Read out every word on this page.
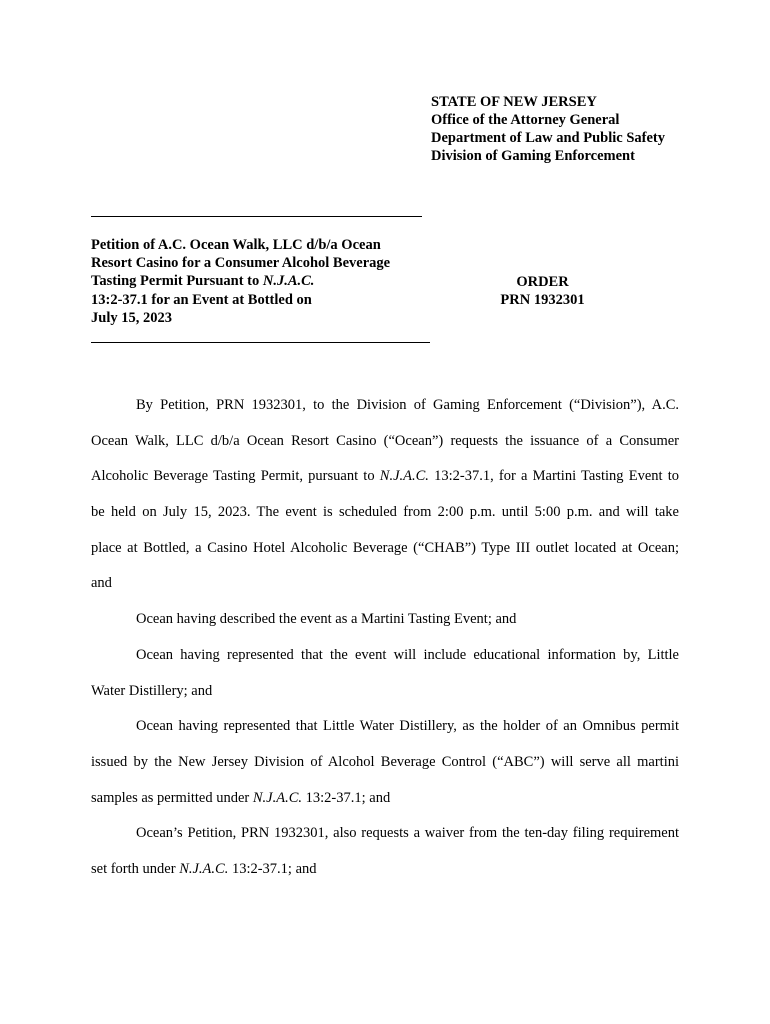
STATE OF NEW JERSEY
Office of the Attorney General
Department of Law and Public Safety
Division of Gaming Enforcement
Petition of A.C. Ocean Walk, LLC d/b/a Ocean
Resort Casino for a Consumer Alcohol Beverage
Tasting Permit Pursuant to N.J.A.C.
13:2-37.1 for an Event at Bottled on
July 15, 2023
ORDER
PRN 1932301
By Petition, PRN 1932301, to the Division of Gaming Enforcement (“Division”), A.C.
Ocean Walk, LLC d/b/a Ocean Resort Casino (“Ocean”) requests the issuance of a Consumer
Alcoholic Beverage Tasting Permit, pursuant to N.J.A.C. 13:2-37.1, for a Martini Tasting Event to
be held on July 15, 2023. The event is scheduled from 2:00 p.m. until 5:00 p.m. and will take
place at Bottled, a Casino Hotel Alcoholic Beverage (“CHAB”) Type III outlet located at Ocean;
and
Ocean having described the event as a Martini Tasting Event; and
Ocean having represented that the event will include educational information by, Little
Water Distillery; and
Ocean having represented that Little Water Distillery, as the holder of an Omnibus permit
issued by the New Jersey Division of Alcohol Beverage Control (“ABC”) will serve all martini
samples as permitted under N.J.A.C. 13:2-37.1; and
Ocean’s Petition, PRN 1932301, also requests a waiver from the ten-day filing requirement
set forth under N.J.A.C. 13:2-37.1; and
